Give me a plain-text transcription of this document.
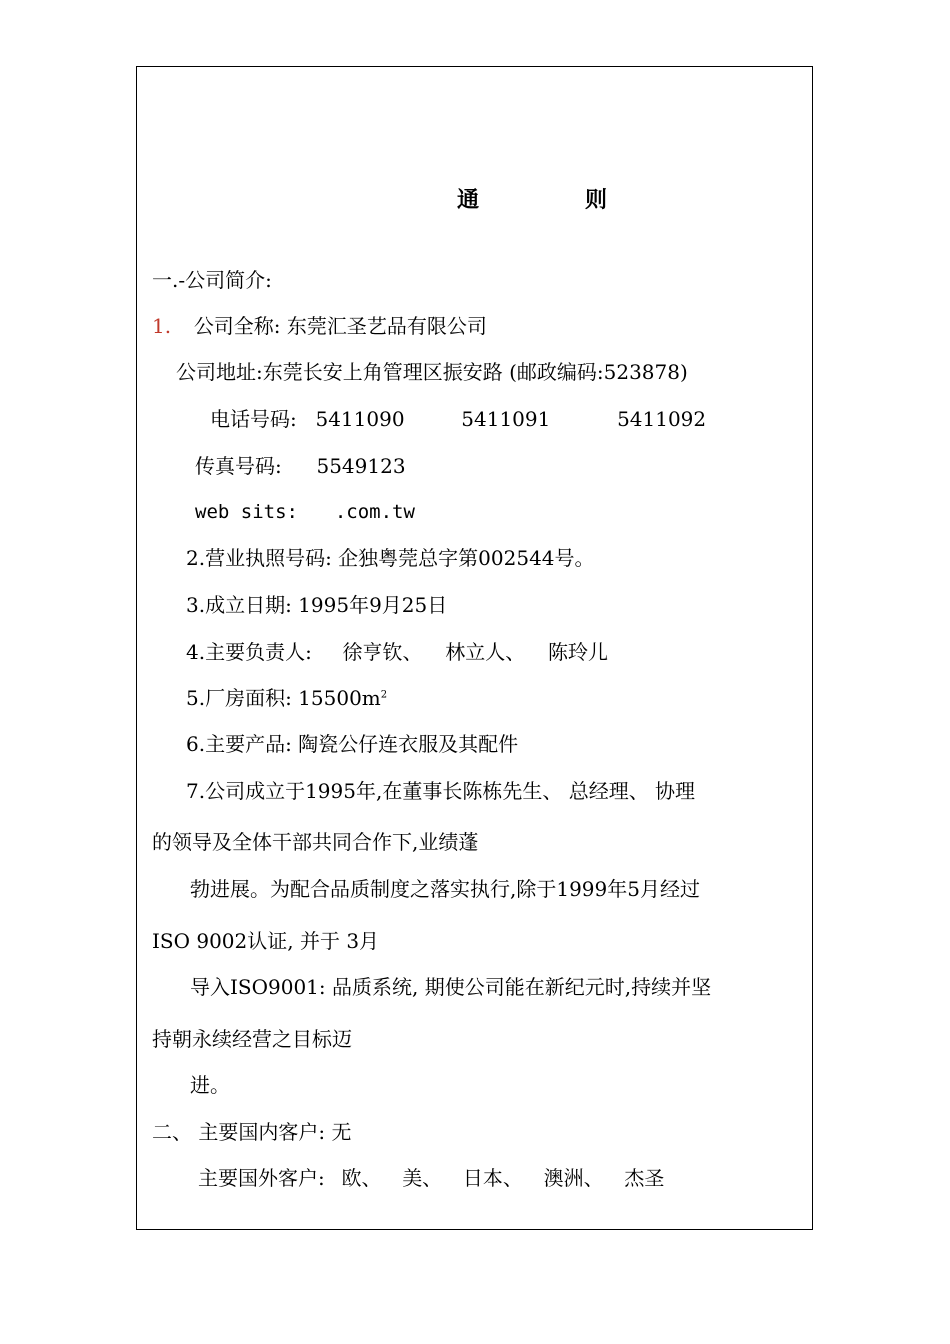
通	则
一.-公司简介:
1. 公司全称: 东莞汇圣艺品有限公司
公司地址:东莞长安上角管理区振安路 (邮政编码:523878)
电话号码: 5411090	5411091	5411092
传真号码: 5549123
web sits: .com.tw
2.营业执照号码: 企独粤莞总字第002544号。
3.成立日期: 1995年9月25日
4.主要负责人: 徐亨钦、 林立人、 陈玲儿
5.厂房面积: $15500m^2$
6.主要产品: 陶瓷公仔连衣服及其配件
7.公司成立于1995年,在董事长陈栋先生、 总经理、 协理
的领导及全体干部共同合作下,业绩蓬
勃进展。为配合品质制度之落实执行,除于1999年5月经过
ISO 9002认证, 并于 3月
导入ISO9001: 品质系统, 期使公司能在新纪元时,持续并坚
持朝永续经营之目标迈
进。
二、 主要国内客户: 无
主要国外客户: 欧、 美、 日本、 澳洲、 杰圣
